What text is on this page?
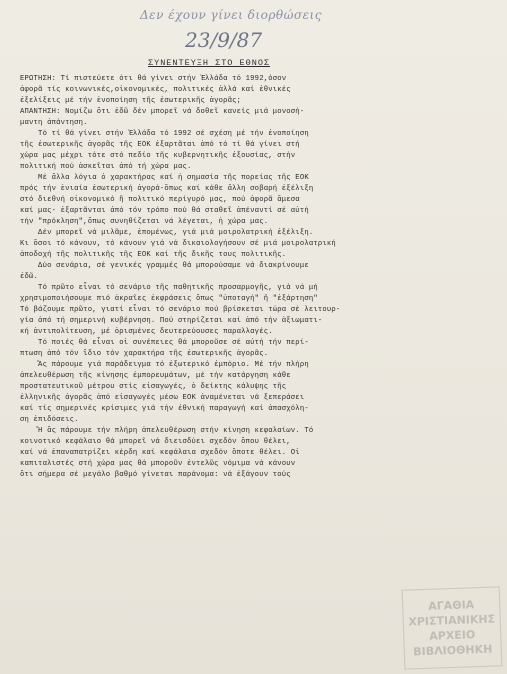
Δεν έχουν γίνει διορθώσεις
23/9/87
ΣΥΝΕΝΤΕΥΞΗ ΣΤΟ ΕΘΝΟΣ
ΕΡΩΤΗΣΗ: Τί πιστεύετε ότι θά γίνει στήν Ἑλλάδα τό 1992,όσον
ἀφορᾶ τίς κοινωνικές,οἰκονομικές, πολιτικές ἀλλά καί ἐθνικές
ἐξελίξεις μέ τήν ἑνοποίηση τῆς ἐσωτερικῆς ἀγορᾶς;
ΑΠΑΝΤΗΣΗ: Νομίζω ὅτι ἐδῶ δέν μπορεῖ νά δοθεῖ κανείς μιά μονοσή-
μαντη ἀπάντηση.
Τό τί θά γίνει στήν Ἑλλάδα τό 1992 σέ σχέση μέ τήν ἑνοποίηση
τῆς ἐσωτερικῆς ἀγορᾶς τῆς ΕΟΚ ἐξαρτᾶται ἀπό τό τί θά γίνει στή
χώρα μας μέχρι τότε στό πεδίο τῆς κυβερνητικῆς ἐξουσίας, στήν
πολιτική πού ἀσκεῖται ἀπό τή χώρα μας.
Μέ ἄλλα λόγια ὁ χαρακτήρας καί ἡ σημασία τῆς πορείας τῆς ΕΟΚ
πρός τήν ἑνιαία ἐσωτερική ἀγορά-ὅπως καί κάθε ἄλλη σοβαρή ἐξέλιξη
στό διεθνή οἰκονομικό ἤ πολιτικό περίγυρό μας, πού ἀφορᾶ ἄμεσα
καί μας- ἐξαρτᾶνται ἀπό τόν τρόπο πού θά σταθεῖ ἀπέναντί σέ αὐτή
τήν "πρόκληση",ὅπως συνηθίζεται νά λέγεται, ἡ χώρα μας.
Δέν μπορεῖ νά μιλᾶμε, ἑπομένως, γιά μιά μοιρολατρική ἐξέλιξη.
Κι ὅσοι τό κάνουν, τό κάνουν γιά νά δικαιολογήσουν σέ μιά μοιρολατρική
ἀποδοχή τῆς πολιτικῆς τῆς ΕΟΚ καί τῆς δικῆς τους πολιτικῆς.
Δύο σενάρια, σέ γενικές γραμμές θά μπορούσαμε νά διακρίνουμε
ἐδῶ.
Τό πρῶτο εἶναι τό σενάριο τῆς παθητικῆς προσαρμογῆς, γιά νά μή
χρησιμοποιήσουμε πιό ἀκραῖες ἐκφράσεις ὅπως "ὑποταγή" ἤ "ἐξάρτηση"
Τό βάζουμε πρῶτο, γιατί εἶναι τό σενάριο πού βρίσκεται τώρα σέ λειτουρ-
γία ἀπό τή σημερινή κυβέρνηση. Πού στηρίζεται καί ἀπό τήν ἀξιωματι-
κή ἀντιπολίτευση, μέ ὁρισμένες δευτερεύουσες παραλλαγές.
Τό ποιές θά εἶναι οἱ συνέπειες θά μποροῦσε σέ αὐτή τήν περί-
πτωση ἀπό τόν ἴδιο τόν χαρακτήρα τῆς ἐσωτερικῆς ἀγορᾶς.
Ἄς πάρουμε γιά παράδειγμα τό ἐξωτερικό ἐμπόριο. Μέ τήν πλήρη
ἀπελευθέρωση τῆς κίνησης ἐμπορευμάτων, μέ τήν κατάργηση κάθε
προστατευτικοῦ μέτρου στίς εἰσαγωγές, ὁ δείκτης κάλυψης τῆς
ἑλληνικῆς ἀγορᾶς ἀπό εἰσαγωγές μέσω ΕΟΚ ἀναμένεται νά ξεπεράσει
καί τίς σημερινές κρίσιμες γιά τήν ἐθνική παραγωγή καί ἀπασχόλη-
ση ἐπιδόσεις.
Ἤ ἄς πάρουμε τήν πλήρη ἀπελευθέρωση στήν κίνηση κεφαλαίων. Τό
κοινοτικό κεφάλαιο θά μπορεῖ νά διεισδύει σχεδόν ὅπου θέλει,
καί νά ἐπαναπατρίζει κέρδη καί κεφάλαια σχεδόν ὅποτε θέλει. Οἱ
καπιταλιστές στή χώρα μας θά μποροῦν ἐντελῶς νόμιμα νά κάνουν
ὅτι σήμερα σέ μεγάλο βαθμό γίνεται παράνομα: νά ἐξάγουν τούς
ΑΓΑΘΙΑ
ΧΡΙΣΤΙΑΝΙΚΗΣ
ΑΡΧΕΙΟ
ΒΙΒΛΙΟΘΗΚΗ
